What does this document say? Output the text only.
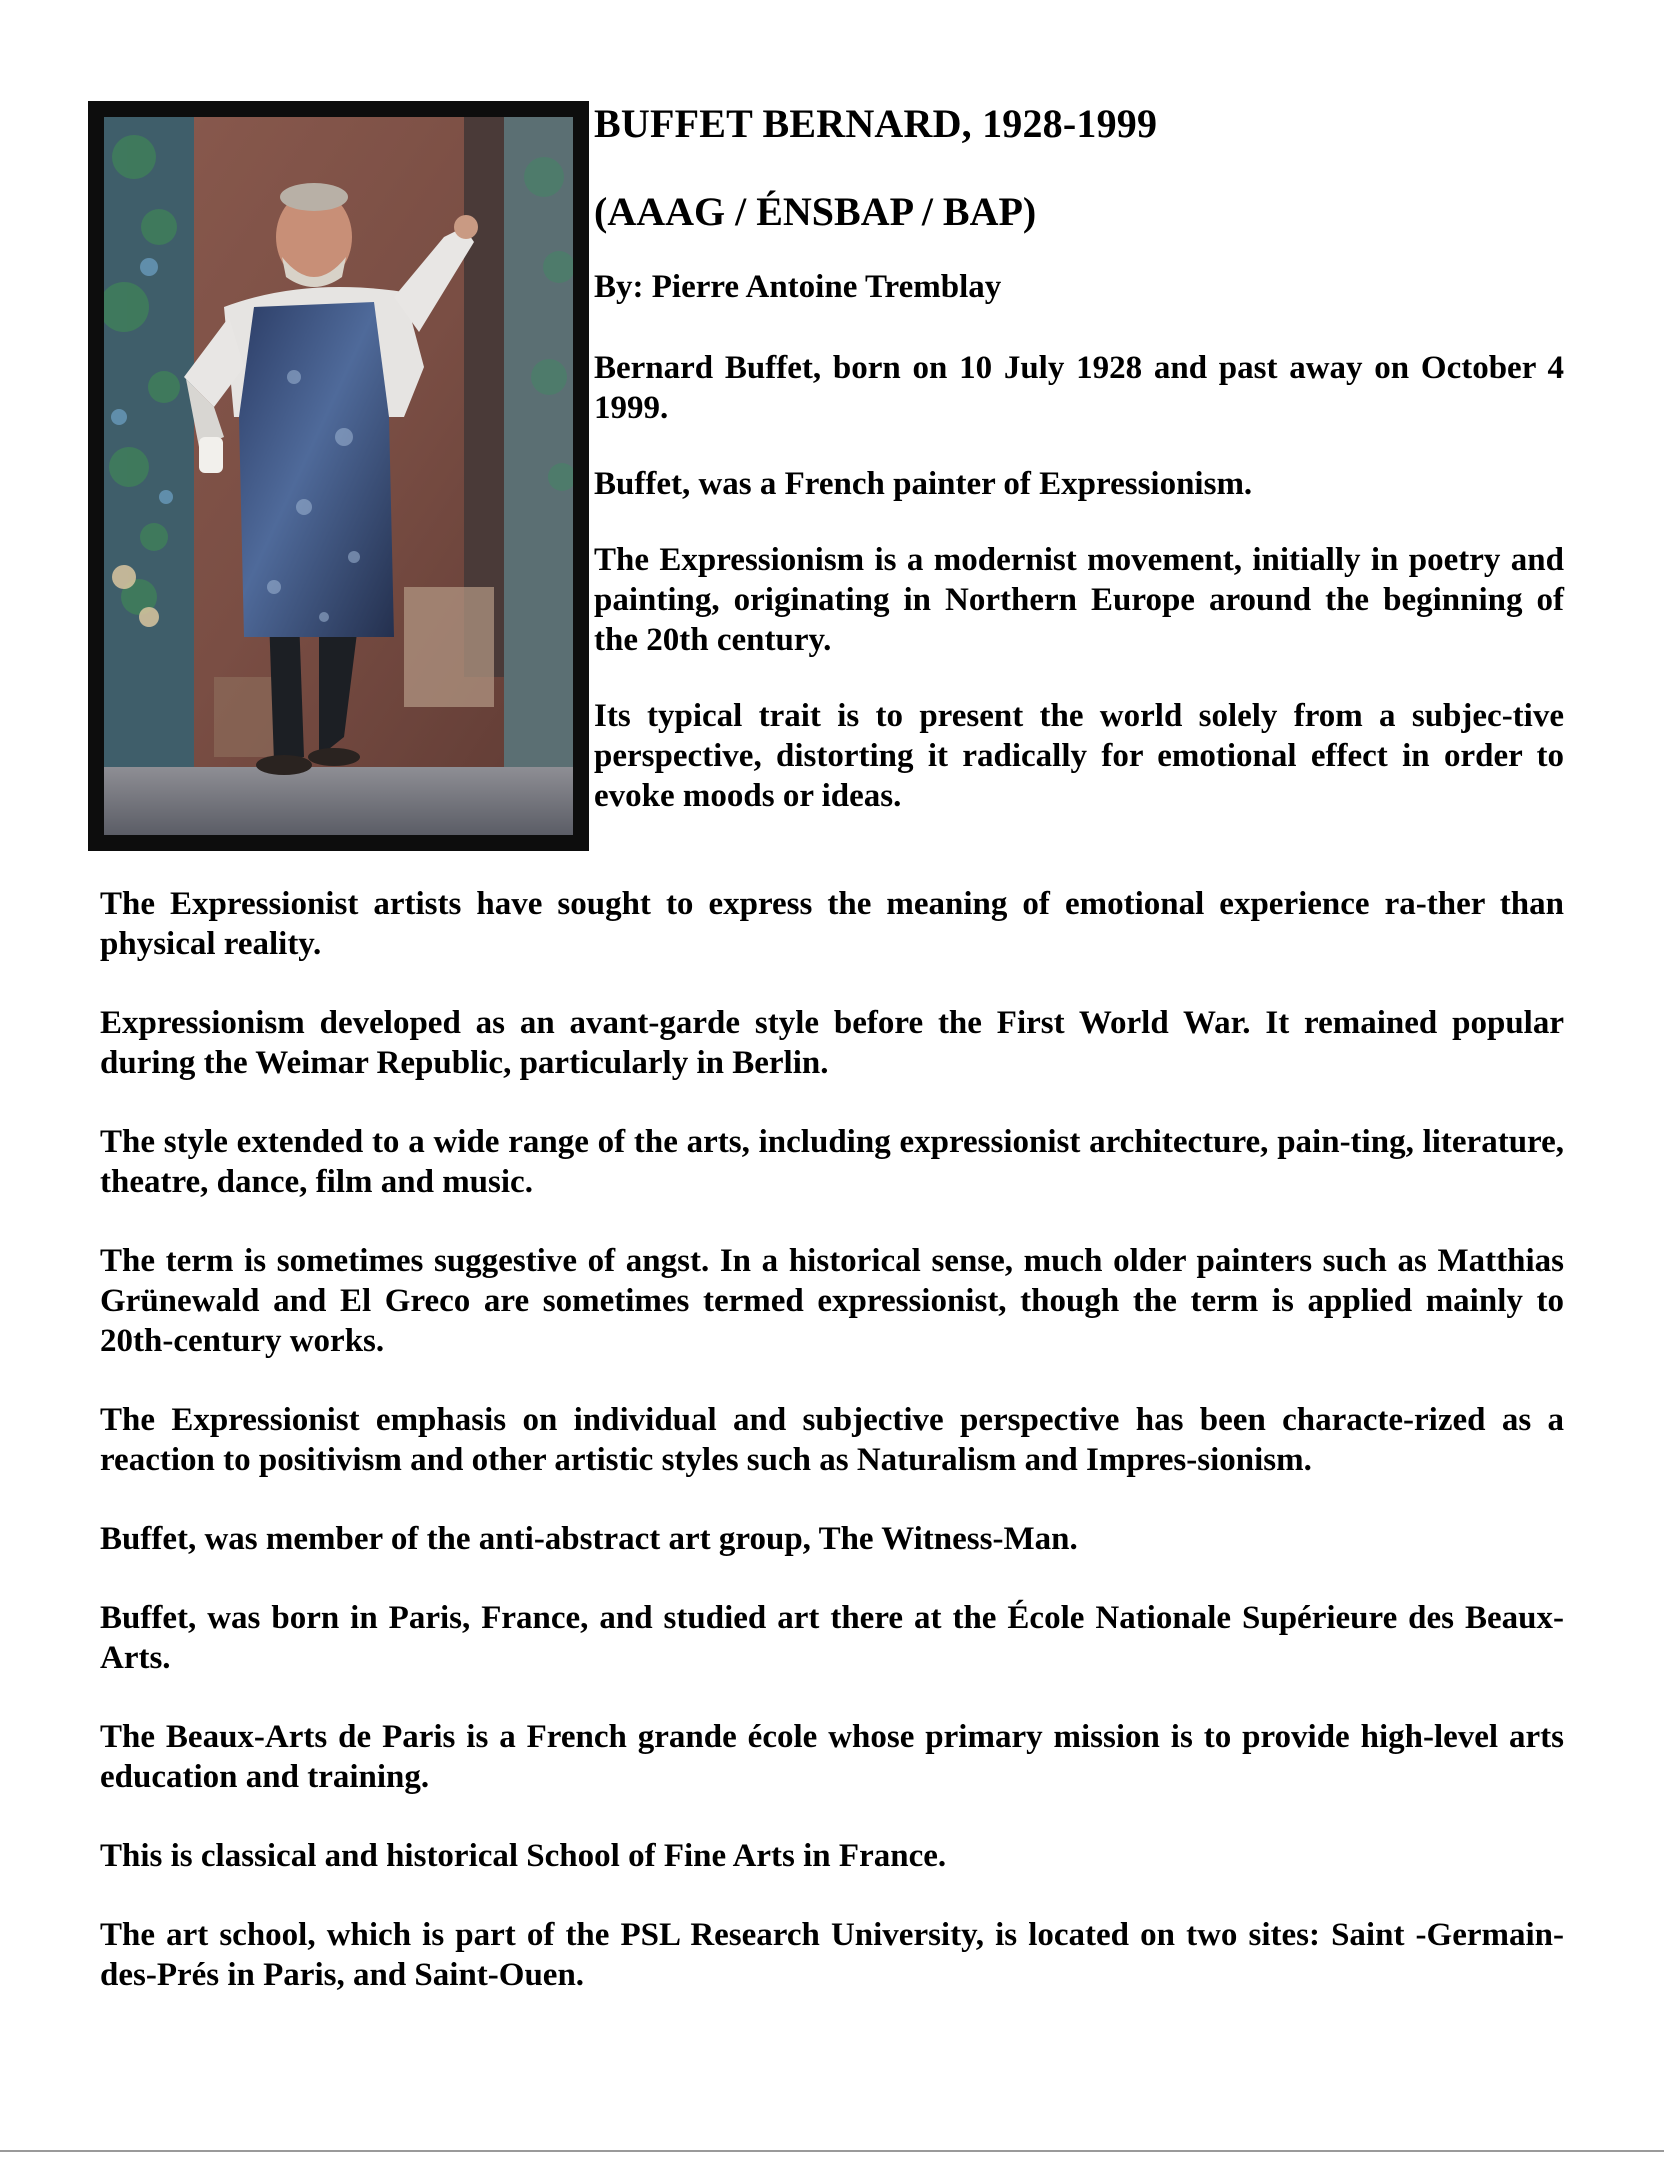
BUFFET BERNARD, 1928-1999
(AAAG / ÉNSBAP / BAP)
By: Pierre Antoine Tremblay

Bernard Buffet, born on 10 July 1928 and past away on October 4 1999.

Buffet, was a French painter of Expressionism.

The Expressionism is a modernist movement, initially in poetry and painting, originating in Northern Europe around the beginning of the 20th century.

Its typical trait is to present the world solely from a subjec-tive perspective, distorting it radically for emotional effect in order to evoke moods or ideas.

The Expressionist artists have sought to express the meaning of emotional experience ra-ther than physical reality.

Expressionism developed as an avant-garde style before the First World War. It remained popular during the Weimar Republic, particularly in Berlin.

The style extended to a wide range of the arts, including expressionist architecture, pain-ting, literature, theatre, dance, film and music.

The term is sometimes suggestive of angst. In a historical sense, much older painters such as Matthias Grünewald and El Greco are sometimes termed expressionist, though the term is applied mainly to 20th-century works.

The Expressionist emphasis on individual and subjective perspective has been characte-rized as a reaction to positivism and other artistic styles such as Naturalism and Impres-sionism.

Buffet, was member of the anti-abstract art group, The Witness-Man.

Buffet, was born in Paris, France, and studied art there at the École Nationale Supérieure des Beaux-Arts.

The Beaux-Arts de Paris is a French grande école whose primary mission is to provide high-level arts education and training.

This is classical and historical School of Fine Arts in France.

The art school, which is part of the PSL Research University, is located on two sites: Saint -Germain-des-Prés in Paris, and Saint-Ouen.
